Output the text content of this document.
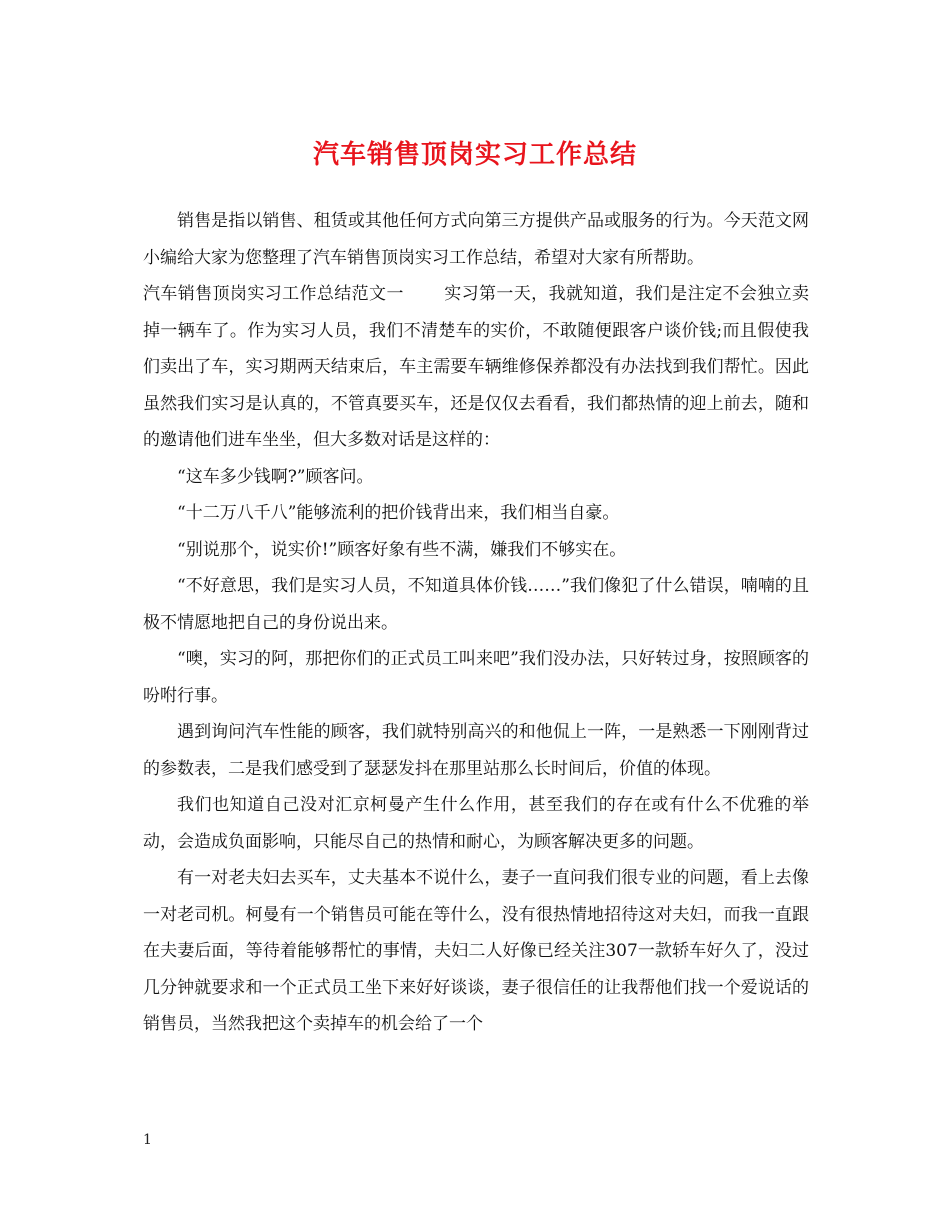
汽车销售顶岗实习工作总结

销售是指以销售、租赁或其他任何方式向第三方提供产品或服务的行为。今天范文网小编给大家为您整理了汽车销售顶岗实习工作总结，希望对大家有所帮助。

汽车销售顶岗实习工作总结范文一 实习第一天，我就知道，我们是注定不会独立卖掉一辆车了。作为实习人员，我们不清楚车的实价，不敢随便跟客户谈价钱;而且假使我们卖出了车，实习期两天结束后，车主需要车辆维修保养都没有办法找到我们帮忙。因此虽然我们实习是认真的，不管真要买车，还是仅仅去看看，我们都热情的迎上前去，随和的邀请他们进车坐坐，但大多数对话是这样的：

“这车多少钱啊?”顾客问。

“十二万八千八”能够流利的把价钱背出来，我们相当自豪。

“别说那个，说实价!”顾客好象有些不满，嫌我们不够实在。

“不好意思，我们是实习人员，不知道具体价钱……”我们像犯了什么错误，喃喃的且极不情愿地把自己的身份说出来。

“噢，实习的阿，那把你们的正式员工叫来吧”我们没办法，只好转过身，按照顾客的吩咐行事。

遇到询问汽车性能的顾客，我们就特别高兴的和他侃上一阵，一是熟悉一下刚刚背过的参数表，二是我们感受到了瑟瑟发抖在那里站那么长时间后，价值的体现。

我们也知道自己没对汇京柯曼产生什么作用，甚至我们的存在或有什么不优雅的举动，会造成负面影响，只能尽自己的热情和耐心，为顾客解决更多的问题。

有一对老夫妇去买车，丈夫基本不说什么，妻子一直问我们很专业的问题，看上去像一对老司机。柯曼有一个销售员可能在等什么，没有很热情地招待这对夫妇，而我一直跟在夫妻后面，等待着能够帮忙的事情，夫妇二人好像已经关注307一款轿车好久了，没过几分钟就要求和一个正式员工坐下来好好谈谈，妻子很信任的让我帮他们找一个爱说话的销售员，当然我把这个卖掉车的机会给了一个

1
